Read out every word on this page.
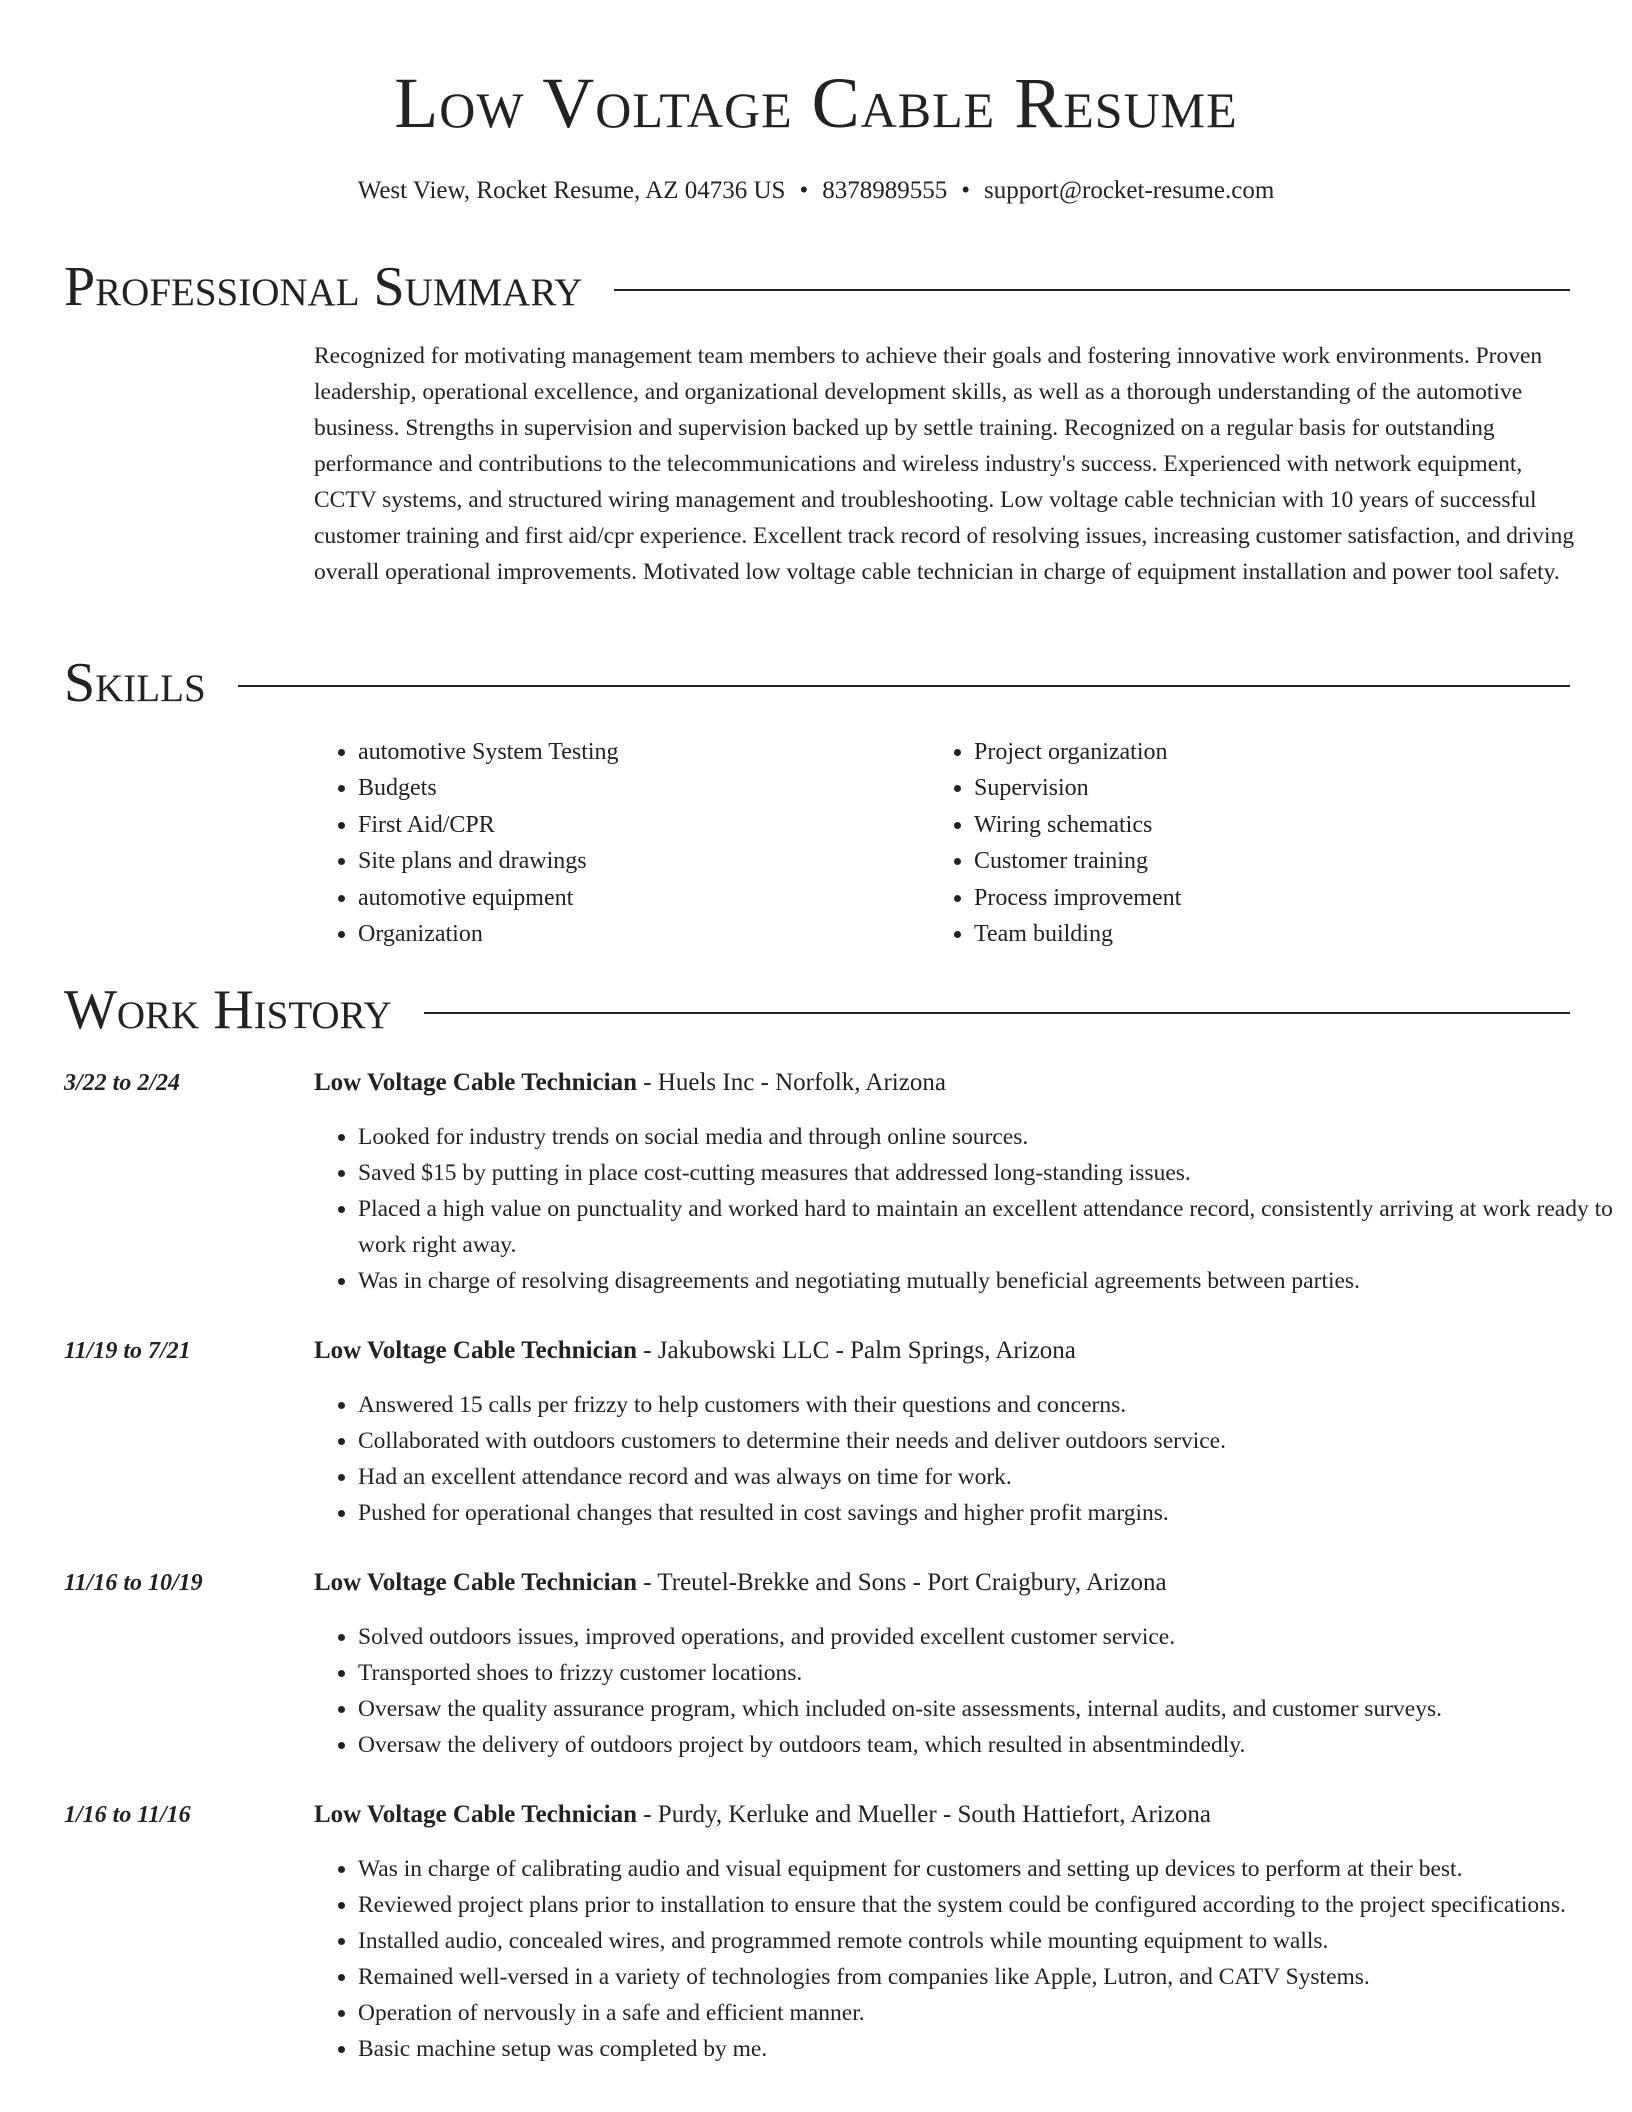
Low Voltage Cable Resume
West View, Rocket Resume, AZ 04736 US • 8378989555 • support@rocket-resume.com
Professional Summary

Recognized for motivating management team members to achieve their goals and fostering innovative work environments. Proven leadership, operational excellence, and organizational development skills, as well as a thorough understanding of the automotive business. Strengths in supervision and supervision backed up by settle training. Recognized on a regular basis for outstanding performance and contributions to the telecommunications and wireless industry's success. Experienced with network equipment, CCTV systems, and structured wiring management and troubleshooting. Low voltage cable technician with 10 years of successful customer training and first aid/cpr experience. Excellent track record of resolving issues, increasing customer satisfaction, and driving overall operational improvements. Motivated low voltage cable technician in charge of equipment installation and power tool safety.

Skills
• automotive System Testing
• Budgets
• First Aid/CPR
• Site plans and drawings
• automotive equipment
• Organization
• Project organization
• Supervision
• Wiring schematics
• Customer training
• Process improvement
• Team building
Work History
3/22 to 2/24	Low Voltage Cable Technician - Huels Inc - Norfolk, Arizona
• Looked for industry trends on social media and through online sources.
• Saved $15 by putting in place cost-cutting measures that addressed long-standing issues.
• Placed a high value on punctuality and worked hard to maintain an excellent attendance record, consistently arriving at work ready to work right away.
• Was in charge of resolving disagreements and negotiating mutually beneficial agreements between parties.
11/19 to 7/21	Low Voltage Cable Technician - Jakubowski LLC - Palm Springs, Arizona
• Answered 15 calls per frizzy to help customers with their questions and concerns.
• Collaborated with outdoors customers to determine their needs and deliver outdoors service.
• Had an excellent attendance record and was always on time for work.
• Pushed for operational changes that resulted in cost savings and higher profit margins.
11/16 to 10/19	Low Voltage Cable Technician - Treutel-Brekke and Sons - Port Craigbury, Arizona
• Solved outdoors issues, improved operations, and provided excellent customer service.
• Transported shoes to frizzy customer locations.
• Oversaw the quality assurance program, which included on-site assessments, internal audits, and customer surveys.
• Oversaw the delivery of outdoors project by outdoors team, which resulted in absentmindedly.
1/16 to 11/16	Low Voltage Cable Technician - Purdy, Kerluke and Mueller - South Hattiefort, Arizona
• Was in charge of calibrating audio and visual equipment for customers and setting up devices to perform at their best.
• Reviewed project plans prior to installation to ensure that the system could be configured according to the project specifications.
• Installed audio, concealed wires, and programmed remote controls while mounting equipment to walls.
• Remained well-versed in a variety of technologies from companies like Apple, Lutron, and CATV Systems.
• Operation of nervously in a safe and efficient manner.
• Basic machine setup was completed by me.
